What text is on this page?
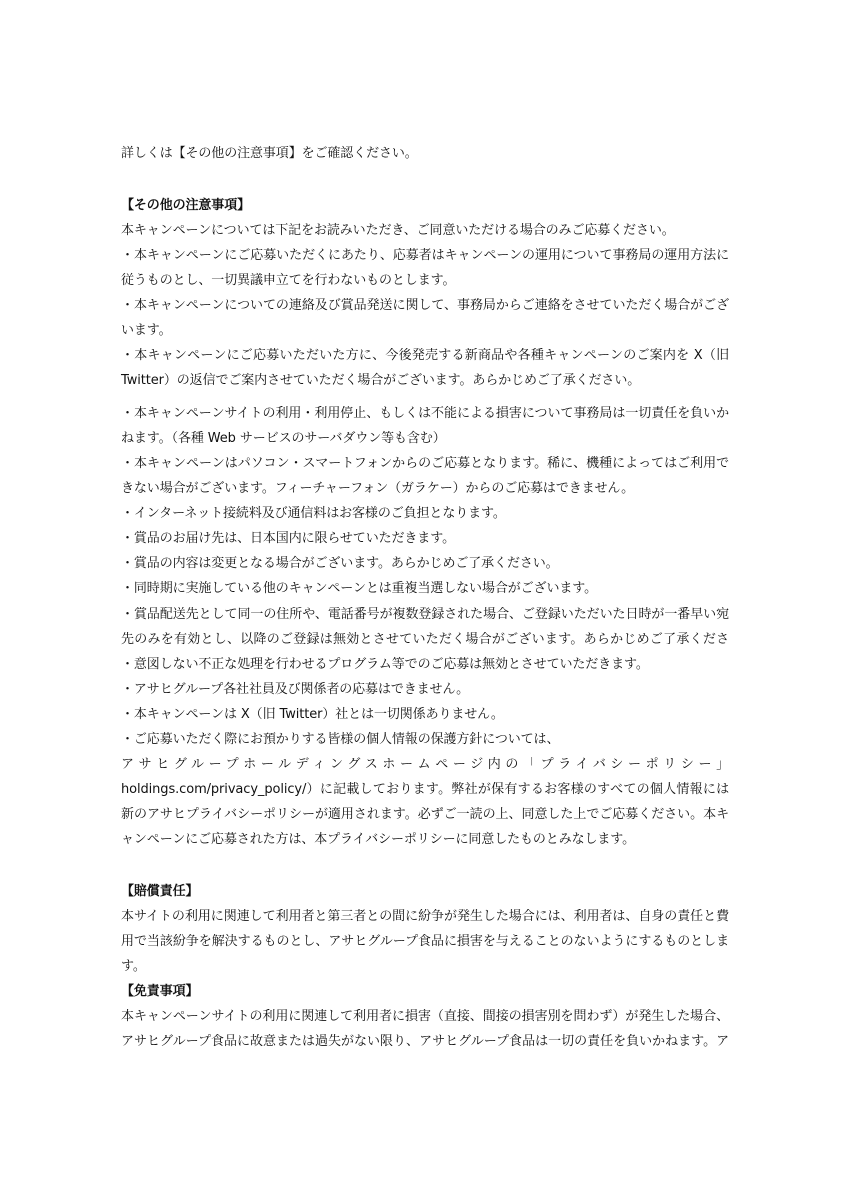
詳しくは【その他の注意事項】をご確認ください。
【その他の注意事項】
本キャンペーンについては下記をお読みいただき、ご同意いただける場合のみご応募ください。
・本キャンペーンにご応募いただくにあたり、応募者はキャンペーンの運用について事務局の運用方法に
従うものとし、一切異議申立てを行わないものとします。
・本キャンペーンについての連絡及び賞品発送に関して、事務局からご連絡をさせていただく場合がござ
います。
・本キャンペーンにご応募いただいた方に、今後発売する新商品や各種キャンペーンのご案内を X（旧
Twitter）の返信でご案内させていただく場合がございます。あらかじめご了承ください。
・本キャンペーンサイトの利用・利用停止、もしくは不能による損害について事務局は一切責任を負いか
ねます。（各種 Web サービスのサーバダウン等も含む）
・本キャンペーンはパソコン・スマートフォンからのご応募となります。稀に、機種によってはご利用で
きない場合がございます。フィーチャーフォン（ガラケー）からのご応募はできません。
・インターネット接続料及び通信料はお客様のご負担となります。
・賞品のお届け先は、日本国内に限らせていただきます。
・賞品の内容は変更となる場合がございます。あらかじめご了承ください。
・同時期に実施している他のキャンペーンとは重複当選しない場合がございます。
・賞品配送先として同一の住所や、電話番号が複数登録された場合、ご登録いただいた日時が一番早い宛
先のみを有効とし、以降のご登録は無効とさせていただく場合がございます。あらかじめご了承くださ
・意図しない不正な処理を行わせるプログラム等でのご応募は無効とさせていただきます。
・アサヒグループ各社社員及び関係者の応募はできません。
・本キャンペーンは X（旧 Twitter）社とは一切関係ありません。
・ご応募いただく際にお預かりする皆様の個人情報の保護方針については、
アサヒグループホールディングスホームページ内の「プライバシーポリシー」
holdings.com/privacy_policy/）に記載しております。弊社が保有するお客様のすべての個人情報には
新のアサヒプライバシーポリシーが適用されます。必ずご一読の上、同意した上でご応募ください。本キ
ャンペーンにご応募された方は、本プライバシーポリシーに同意したものとみなします。
【賠償責任】
本サイトの利用に関連して利用者と第三者との間に紛争が発生した場合には、利用者は、自身の責任と費
用で当該紛争を解決するものとし、アサヒグループ食品に損害を与えることのないようにするものとしま
す。
【免責事項】
本キャンペーンサイトの利用に関連して利用者に損害（直接、間接の損害別を問わず）が発生した場合、
アサヒグループ食品に故意または過失がない限り、アサヒグループ食品は一切の責任を負いかねます。ア
